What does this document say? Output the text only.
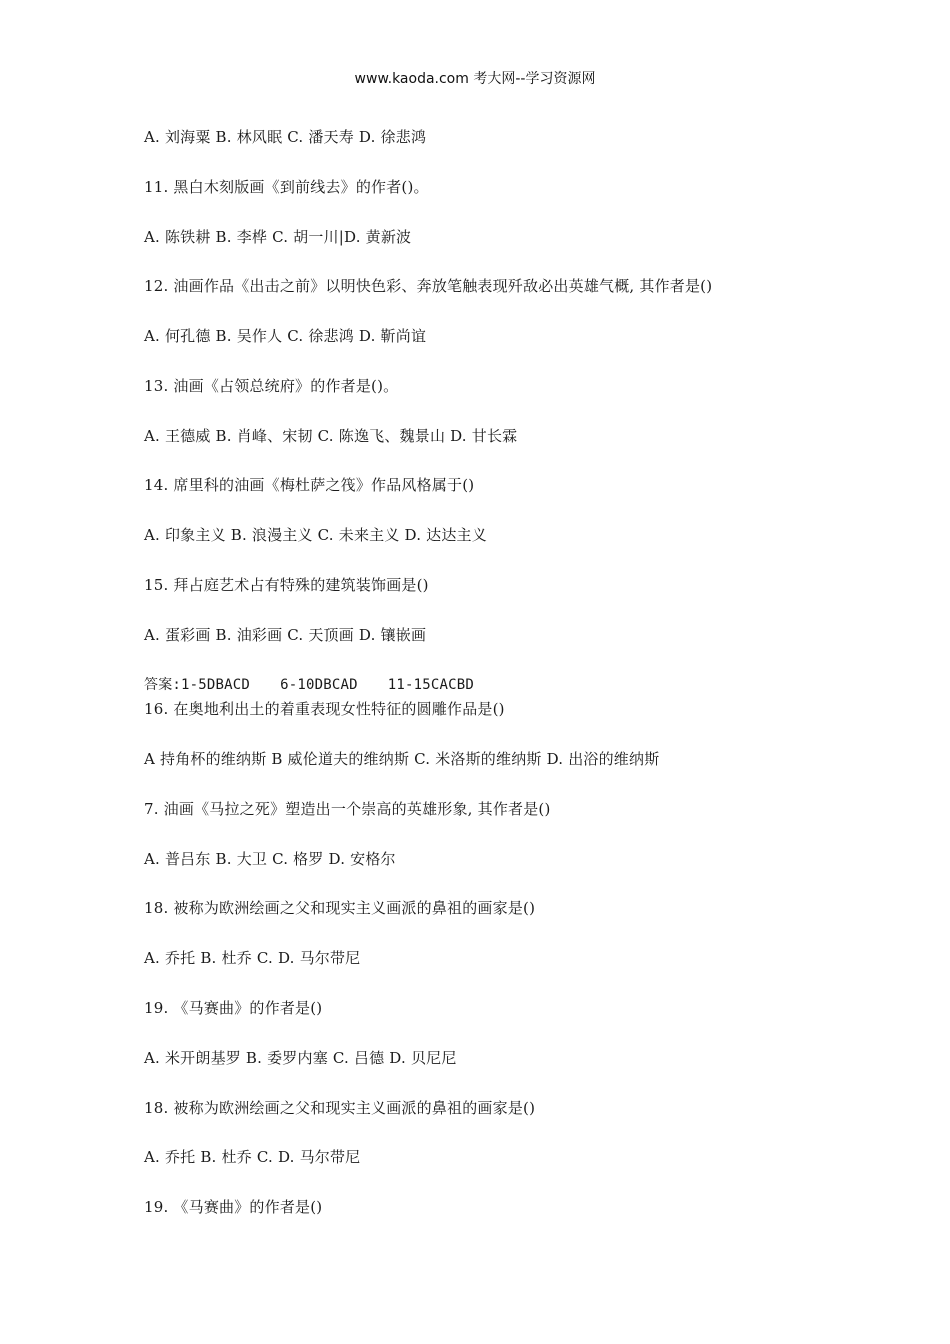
www.kaoda.com 考大网--学习资源网
A. 刘海粟 B. 林风眠 C. 潘天寿 D. 徐悲鸿
11. 黑白木刻版画《到前线去》的作者()。
A. 陈铁耕 B. 李桦 C. 胡一川|D. 黄新波
12. 油画作品《出击之前》以明快色彩、奔放笔触表现歼敌必出英雄气概, 其作者是()
A. 何孔德 B. 吴作人 C. 徐悲鸿 D. 靳尚谊
13. 油画《占领总统府》的作者是()。
A. 王德威 B. 肖峰、宋韧 C. 陈逸飞、魏景山 D. 甘长霖
14. 席里科的油画《梅杜萨之筏》作品风格属于()
A. 印象主义 B. 浪漫主义 C. 未来主义 D. 达达主义
15. 拜占庭艺术占有特殊的建筑装饰画是()
A. 蛋彩画 B. 油彩画 C. 天顶画 D. 镶嵌画
答案:1-5DBACD 6-10DBCAD 11-15CACBD
16. 在奥地利出土的着重表现女性特征的圆雕作品是()
A 持角杯的维纳斯 B 威伦道夫的维纳斯 C. 米洛斯的维纳斯 D. 出浴的维纳斯
7. 油画《马拉之死》塑造出一个崇高的英雄形象, 其作者是()
A. 普吕东 B. 大卫 C. 格罗 D. 安格尔
18. 被称为欧洲绘画之父和现实主义画派的鼻祖的画家是()
A. 乔托 B. 杜乔 C. D. 马尔带尼
19. 《马赛曲》的作者是()
A. 米开朗基罗 B. 委罗内塞 C. 吕德 D. 贝尼尼
18. 被称为欧洲绘画之父和现实主义画派的鼻祖的画家是()
A. 乔托 B. 杜乔 C. D. 马尔带尼
19. 《马赛曲》的作者是()
